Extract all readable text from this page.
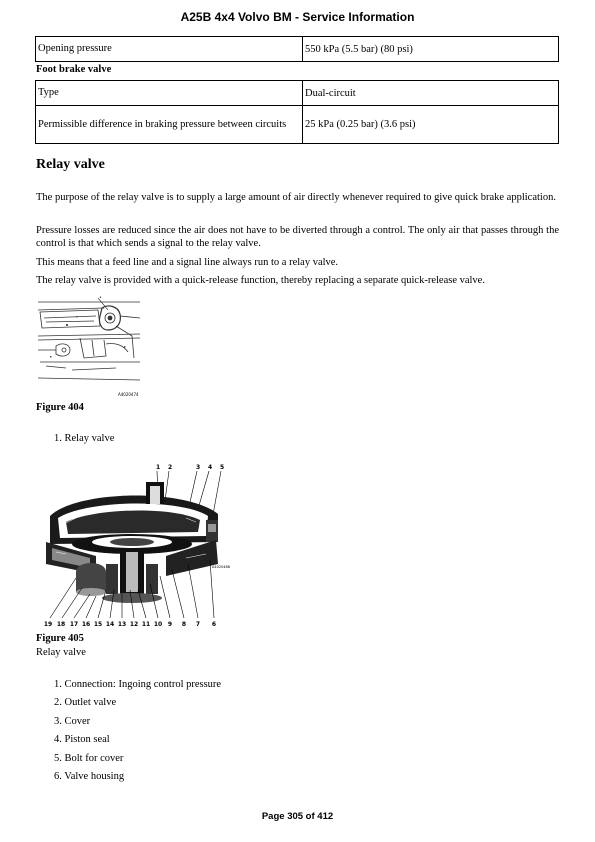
A25B 4x4 Volvo BM - Service Information
Opening pressure	550 kPa (5.5 bar) (80 psi)
Foot brake valve
Type	Dual-circuit
Permissible difference in braking pressure between circuits	25 kPa (0.25 bar) (3.6 psi)
Relay valve

The purpose of the relay valve is to supply a large amount of air directly whenever required to give quick brake application.

Pressure losses are reduced since the air does not have to be diverted through a control. The only air that passes through the control is that which sends a signal to the relay valve.

This means that a feed line and a signal line always run to a relay valve.

The relay valve is provided with a quick-release function, thereby replacing a separate quick-release valve.

1
A4020474
Figure 404
1. Relay valve
1 2	3 4 5
A4020488
19 18 17 16 15 14 13 12 11 10 9 8 7 6
Figure 405
Relay valve
1. Connection: Ingoing control pressure
2. Outlet valve
3. Cover
4. Piston seal
5. Bolt for cover
6. Valve housing
Page 305 of 412
